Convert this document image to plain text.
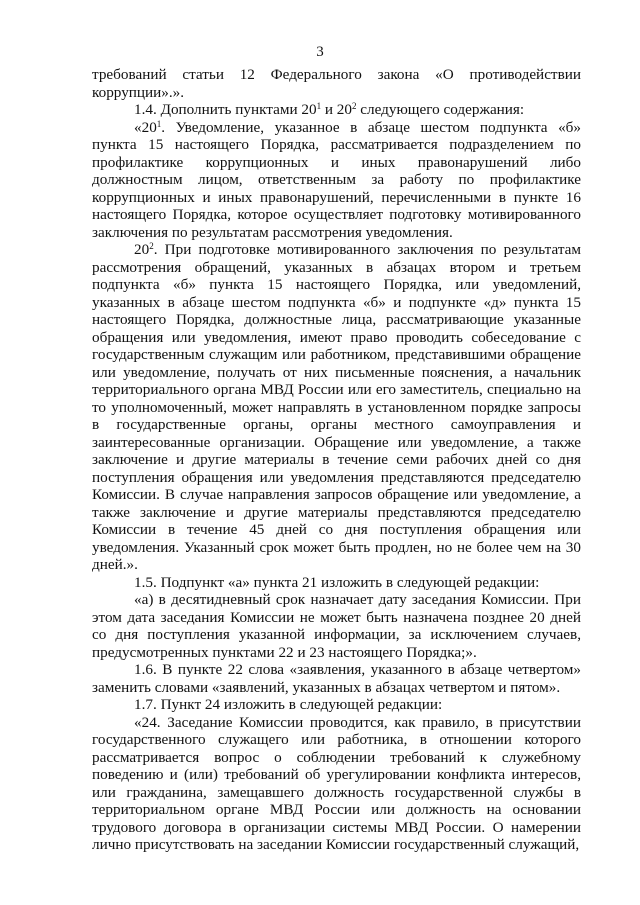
3

требований статьи 12 Федерального закона «О противодействии коррупции».».

1.4. Дополнить пунктами $20^1$ и $20^2$ следующего содержания:

«$20^1$. Уведомление, указанное в абзаце шестом подпункта «б» пункта 15 настоящего Порядка, рассматривается подразделением по профилактике коррупционных и иных правонарушений либо должностным лицом, ответственным за работу по профилактике коррупционных и иных правонарушений, перечисленными в пункте 16 настоящего Порядка, которое осуществляет подготовку мотивированного заключения по результатам рассмотрения уведомления.

$20^2$. При подготовке мотивированного заключения по результатам рассмотрения обращений, указанных в абзацах втором и третьем подпункта «б» пункта 15 настоящего Порядка, или уведомлений, указанных в абзаце шестом подпункта «б» и подпункте «д» пункта 15 настоящего Порядка, должностные лица, рассматривающие указанные обращения или уведомления, имеют право проводить собеседование с государственным служащим или работником, представившими обращение или уведомление, получать от них письменные пояснения, а начальник территориального органа МВД России или его заместитель, специально на то уполномоченный, может направлять в установленном порядке запросы в государственные органы, органы местного самоуправления и заинтересованные организации. Обращение или уведомление, а также заключение и другие материалы в течение семи рабочих дней со дня поступления обращения или уведомления представляются председателю Комиссии. В случае направления запросов обращение или уведомление, а также заключение и другие материалы представляются председателю Комиссии в течение 45 дней со дня поступления обращения или уведомления. Указанный срок может быть продлен, но не более чем на 30 дней.».

1.5. Подпункт «а» пункта 21 изложить в следующей редакции:

«а) в десятидневный срок назначает дату заседания Комиссии. При этом дата заседания Комиссии не может быть назначена позднее 20 дней со дня поступления указанной информации, за исключением случаев, предусмотренных пунктами 22 и 23 настоящего Порядка;».

1.6. В пункте 22 слова «заявления, указанного в абзаце четвертом» заменить словами «заявлений, указанных в абзацах четвертом и пятом».

1.7. Пункт 24 изложить в следующей редакции:

«24. Заседание Комиссии проводится, как правило, в присутствии государственного служащего или работника, в отношении которого рассматривается вопрос о соблюдении требований к служебному поведению и (или) требований об урегулировании конфликта интересов, или гражданина, замещавшего должность государственной службы в территориальном органе МВД России или должность на основании трудового договора в организации системы МВД России. О намерении лично присутствовать на заседании Комиссии государственный служащий,
